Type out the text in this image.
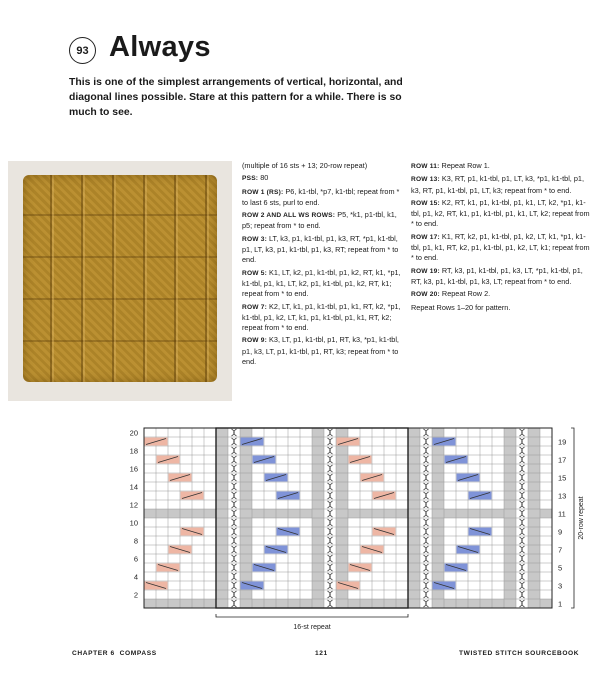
93 Always
This is one of the simplest arrangements of vertical, horizontal, and diagonal lines possible. Stare at this pattern for a while. There is so much to see.

(multiple of 16 sts + 13; 20-row repeat)

PSS: 80

ROW 1 (RS): P6, k1-tbl, *p7, k1-tbl; repeat from * to last 6 sts, purl to end.

ROW 2 AND ALL WS ROWS: P5, *k1, p1-tbl, k1, p5; repeat from * to end.

ROW 3: LT, k3, p1, k1-tbl, p1, k3, RT, *p1, k1-tbl, p1, LT, k3, p1, k1-tbl, p1, k3, RT; repeat from * to end.

ROW 5: K1, LT, k2, p1, k1-tbl, p1, k2, RT, k1, *p1, k1-tbl, p1, k1, LT, k2, p1, k1-tbl, p1, k2, RT, k1; repeat from * to end.

ROW 7: K2, LT, k1, p1, k1-tbl, p1, k1, RT, k2, *p1, k1-tbl, p1, k2, LT, k1, p1, k1-tbl, p1, k1, RT, k2; repeat from * to end.

ROW 9: K3, LT, p1, k1-tbl, p1, RT, k3, *p1, k1-tbl, p1, k3, LT, p1, k1-tbl, p1, RT, k3; repeat from * to end.

ROW 11: Repeat Row 1.

ROW 13: K3, RT, p1, k1-tbl, p1, LT, k3, *p1, k1-tbl, p1, k3, RT, p1, k1-tbl, p1, LT, k3; repeat from * to end.

ROW 15: K2, RT, k1, p1, k1-tbl, p1, k1, LT, k2, *p1, k1-tbl, p1, k2, RT, k1, p1, k1-tbl, p1, k1, LT, k2; repeat from * to end.

ROW 17: K1, RT, k2, p1, k1-tbl, p1, k2, LT, k1, *p1, k1-tbl, p1, k1, RT, k2, p1, k1-tbl, p1, k2, LT, k1; repeat from * to end.

ROW 19: RT, k3, p1, k1-tbl, p1, k3, LT, *p1, k1-tbl, p1, RT, k3, p1, k1-tbl, p1, k3, LT; repeat from * to end.

ROW 20: Repeat Row 2.

Repeat Rows 1–20 for pattern.

20
18
16
14
12
10
8
6
4
2
19
17
15
13
11
9
7
5
3
1
20-row repeat
16-st repeat
CHAPTER 6 COMPASS	121	TWISTED STITCH SOURCEBOOK
